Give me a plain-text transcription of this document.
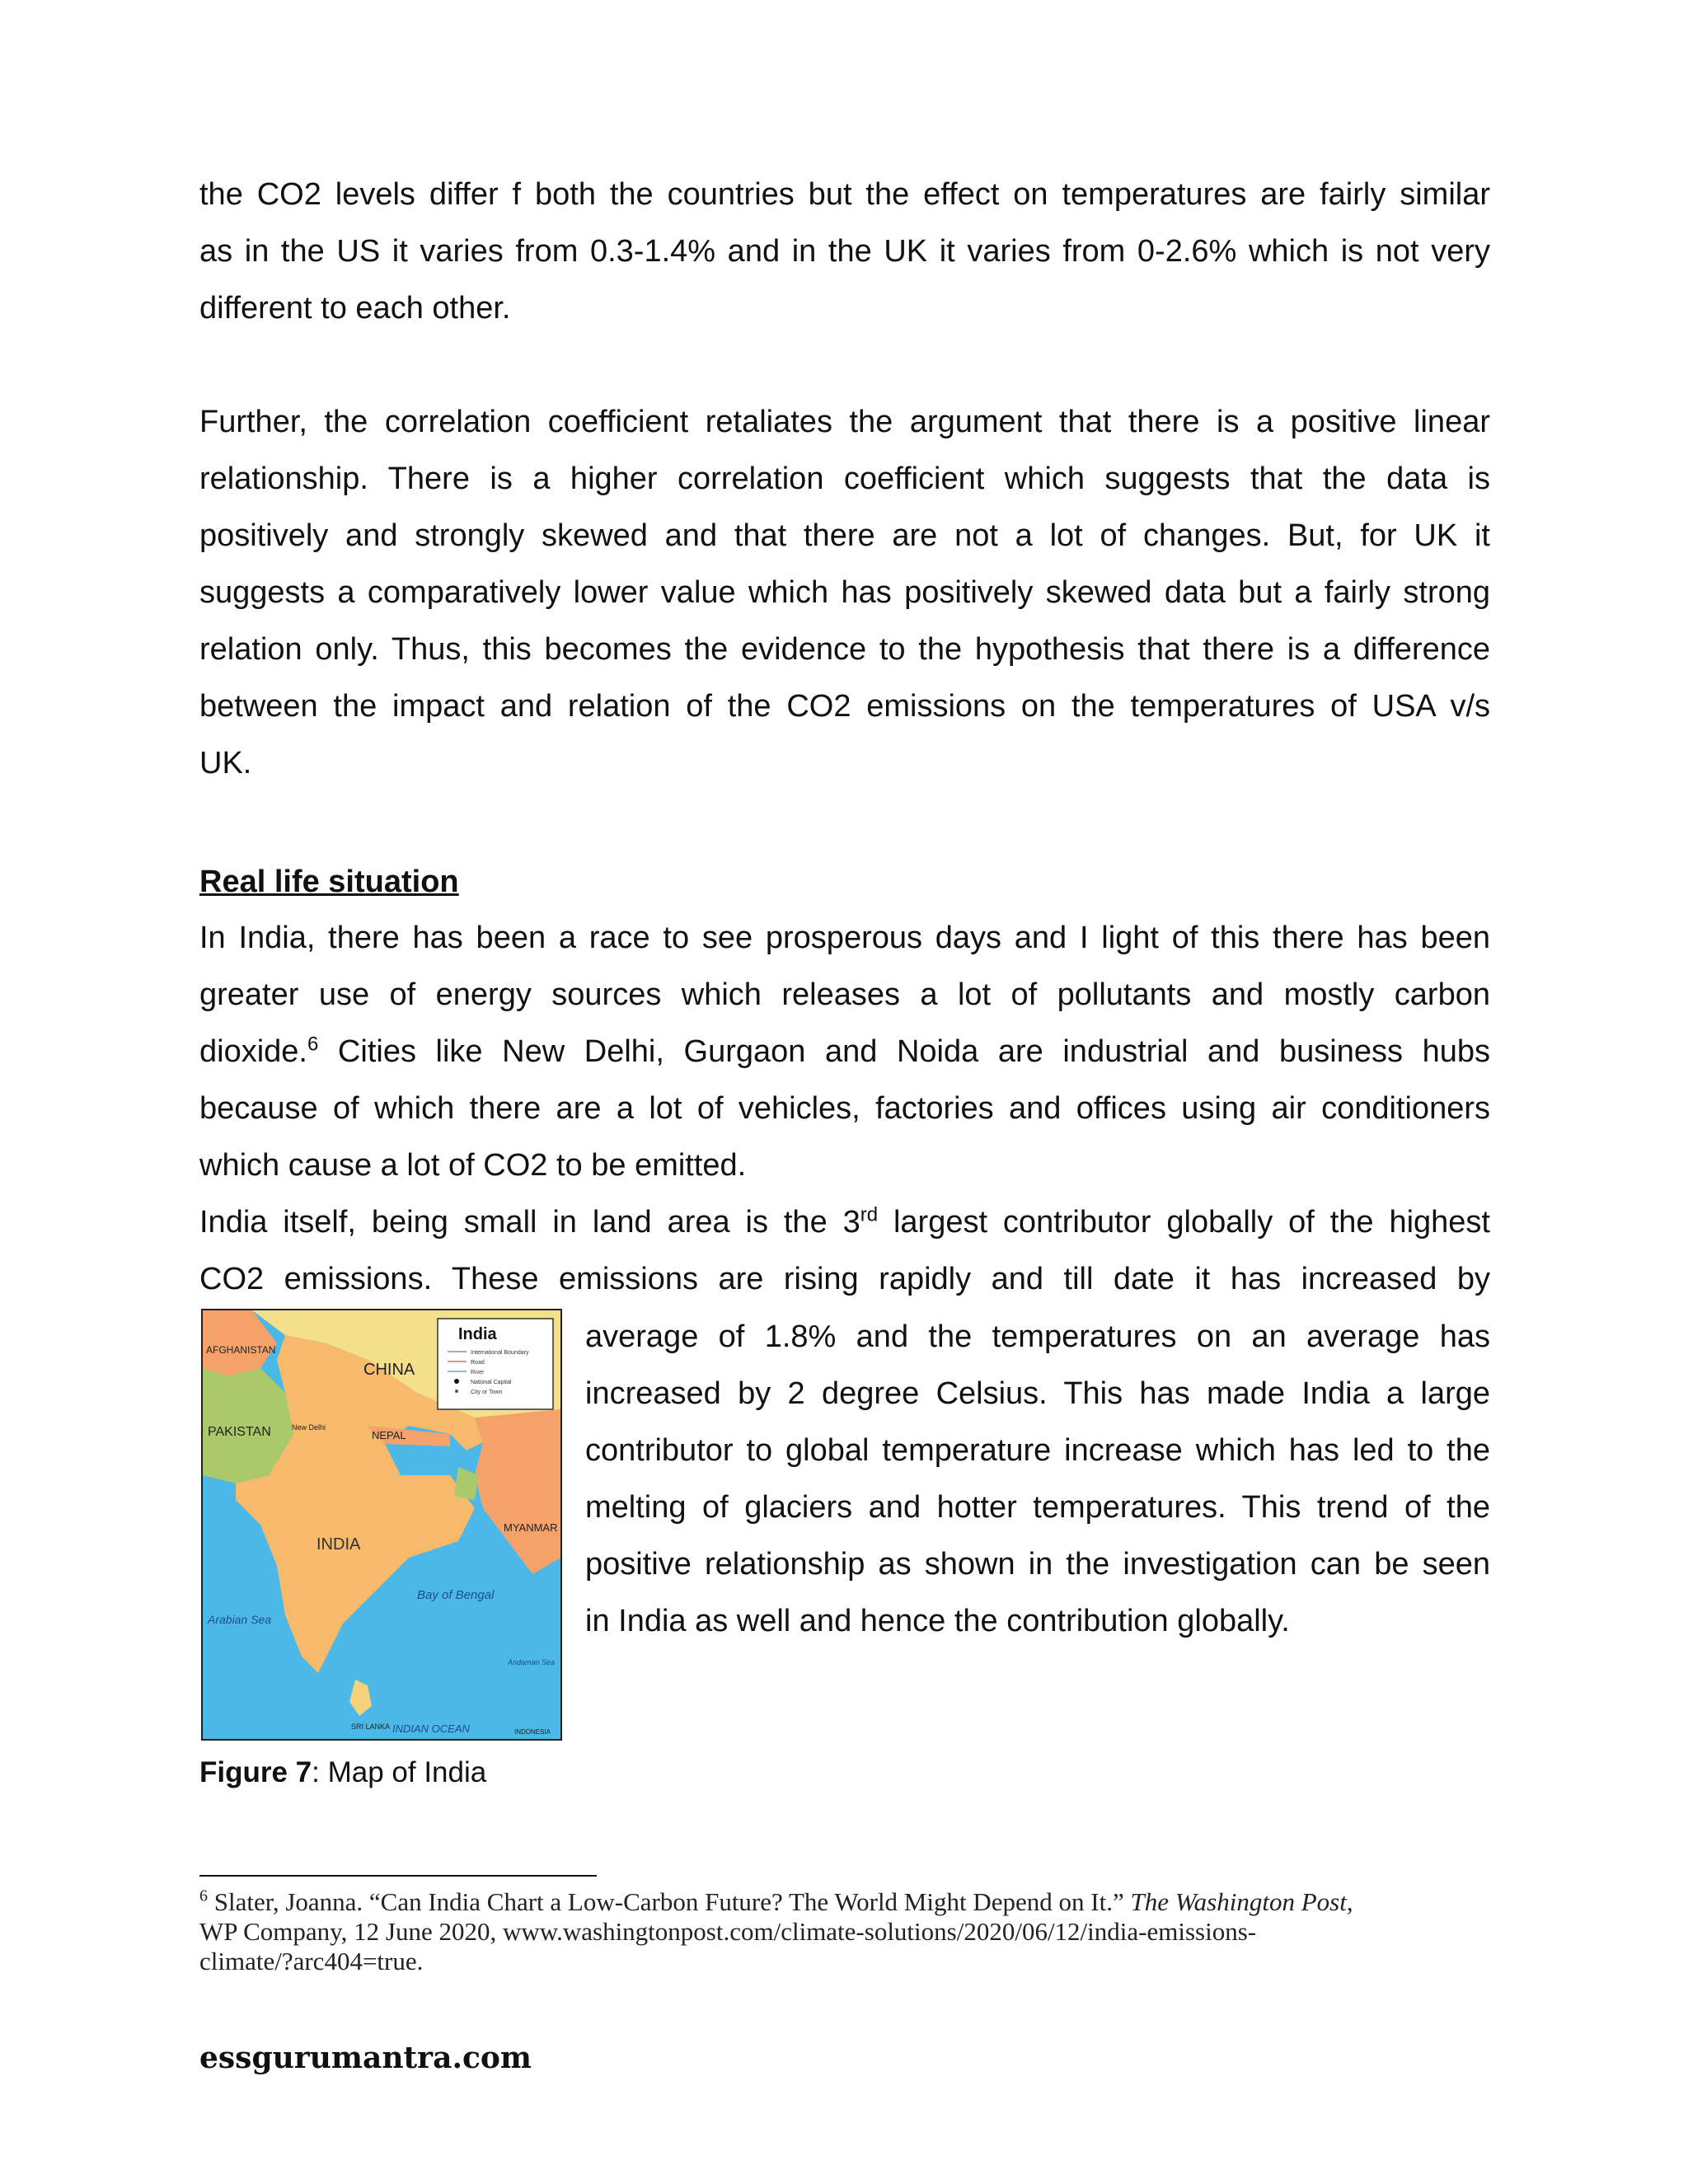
the CO2 levels differ f both the countries but the effect on temperatures are fairly similar
as in the US it varies from 0.3-1.4% and in the UK it varies from 0-2.6% which is not very
different to each other.
Further, the correlation coefficient retaliates the argument that there is a positive linear
relationship. There is a higher correlation coefficient which suggests that the data is
positively and strongly skewed and that there are not a lot of changes. But, for UK it
suggests a comparatively lower value which has positively skewed data but a fairly strong
relation only. Thus, this becomes the evidence to the hypothesis that there is a difference
between the impact and relation of the CO2 emissions on the temperatures of USA v/s
UK.
Real life situation
In India, there has been a race to see prosperous days and I light of this there has been
greater use of energy sources which releases a lot of pollutants and mostly carbon
dioxide.$^6$ Cities like New Delhi, Gurgaon and Noida are industrial and business hubs
because of which there are a lot of vehicles, factories and offices using air conditioners
which cause a lot of CO2 to be emitted.
India itself, being small in land area is the 3rd largest contributor globally of the highest
CO2 emissions. These emissions are rising rapidly and till date it has increased by
India
International Boundary
Road
River
National Capital
City or Town
CHINA
PAKISTAN
AFGHANISTAN
NEPAL
New Delhi
INDIA
MYANMAR
Bay of Bengal
Arabian Sea
Andaman Sea
SRI LANKA INDIAN OCEAN	INDONESIA
average of 1.8% and the temperatures on an average has
increased by 2 degree Celsius. This has made India a large
contributor to global temperature increase which has led to the
melting of glaciers and hotter temperatures. This trend of the
positive relationship as shown in the investigation can be seen
in India as well and hence the contribution globally.
Figure 7: Map of India
$^6$ Slater, Joanna. “Can India Chart a Low-Carbon Future? The World Might Depend on It.” The Washington Post,
WP Company, 12 June 2020, www.washingtonpost.com/climate-solutions/2020/06/12/india-emissions-
climate/?arc404=true.
essgurumantra.com
